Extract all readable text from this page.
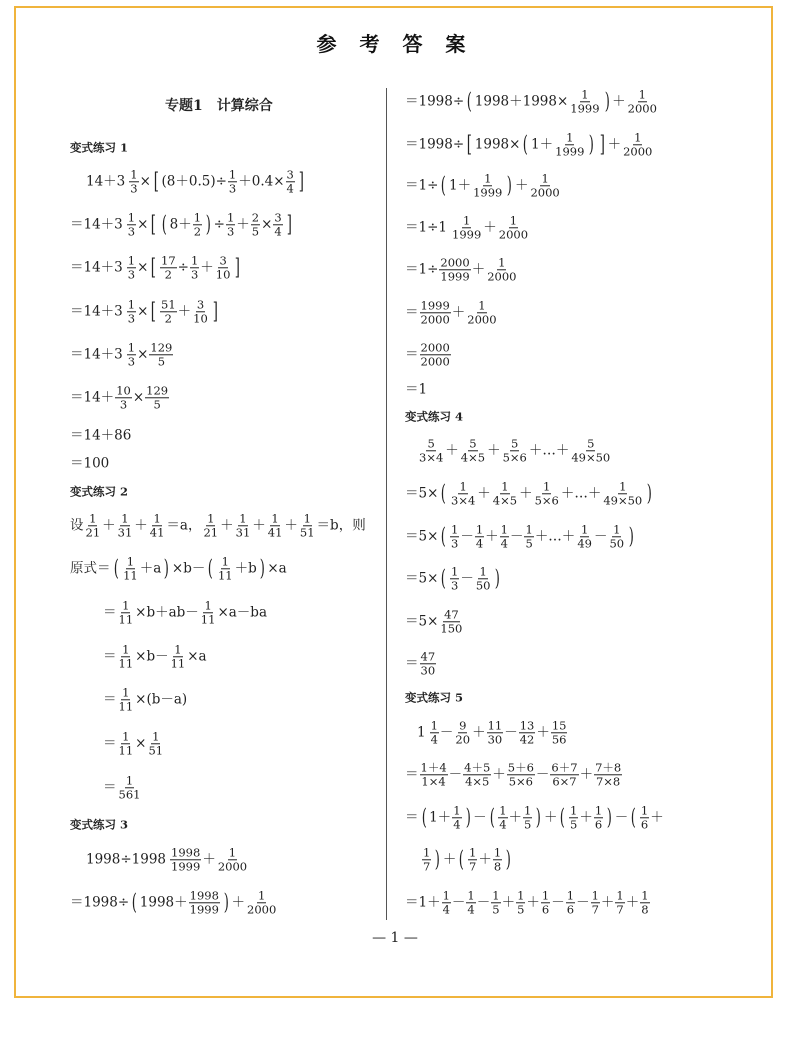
参 考 答 案
专题1　计算综合
变式练习 1
$14+3 \frac{1}{3}$ × [ $(8+0.5)\div \frac{1}{3} +0.4\times \frac{3}{4}$ ]
$=14+3 \frac{1}{3}$ × [ ( $8+ \frac{1}{2}$ ) ÷ $\frac{1}{3} + \frac{2}{5} \times \frac{3}{4}$ ]
$=14+3 \frac{1}{3}$ × [ $\frac{17}{2} \div \frac{1}{3} + \frac{3}{10}$ ]
$=14+3 \frac{1}{3}$ × [ $\frac{51}{2} + \frac{3}{10}$ ]
$=14+3 \frac{1}{3} \times \frac{129}{5}$
$=14+ \frac{10}{3} \times \frac{129}{5}$
＝14＋86
＝100
变式练习 2
设 $\frac{1}{21} + \frac{1}{31} + \frac{1}{41} =a$， $\frac{1}{21} + \frac{1}{31} + \frac{1}{41} + \frac{1}{51} =b$，则
原式＝ ( $\frac{1}{11} +a$ ) ×b－ ( $\frac{1}{11} +b$ ) ×a
＝ $\frac{1}{11} \times b+ab- \frac{1}{11} \times a-ba$
＝ $\frac{1}{11} \times b- \frac{1}{11} \times a$
＝ $\frac{1}{11} \times(b-a)$
＝ $\frac{1}{11} \times \frac{1}{51}$
＝ $\frac{1}{561}$
变式练习 3
$1998\div 1998 \frac{1998}{1999} + \frac{1}{2000}$
＝1998÷ ( $1998+ \frac{1998}{1999}$ ) ＋ $\frac{1}{2000}$
＝1998÷ ( $1998+1998\times \frac{1}{1999}$ ) ＋ $\frac{1}{2000}$
＝1998÷ [ 1998× ( $1+ \frac{1}{1999}$ ) ] ＋ $\frac{1}{2000}$
＝1÷ ( $1+ \frac{1}{1999}$ ) ＋ $\frac{1}{2000}$
$=1\div 1 \frac{1}{1999} + \frac{1}{2000}$
$=1\div \frac{2000}{1999} + \frac{1}{2000}$
＝ $\frac{1999}{2000} + \frac{1}{2000}$
＝ $\frac{2000}{2000}$
＝1
变式练习 4
$\frac{5}{3\times 4} + \frac{5}{4\times 5} + \frac{5}{5\times 6}$ ＋…＋ $\frac{5}{49\times 50}$
＝5× ( $\frac{1}{3\times 4} + \frac{1}{4\times 5} + \frac{1}{5\times 6}$ ＋…＋ $\frac{1}{49\times 50}$ )
＝5× ( $\frac{1}{3} - \frac{1}{4} + \frac{1}{4} - \frac{1}{5}$ ＋…＋ $\frac{1}{49} - \frac{1}{50}$ )
＝5× ( $\frac{1}{3} - \frac{1}{50}$ )
$=5\times \frac{47}{150}$
＝ $\frac{47}{30}$
变式练习 5
$1 \frac{1}{4} - \frac{9}{20} + \frac{11}{30} - \frac{13}{42} + \frac{15}{56}$
＝ $\frac{1+4}{1\times 4} - \frac{4+5}{4\times 5} + \frac{5+6}{5\times 6} - \frac{6+7}{6\times 7} + \frac{7+8}{7\times 8}$
＝ ( $1+ \frac{1}{4}$ ) － ( $\frac{1}{4} + \frac{1}{5}$ ) ＋ ( $\frac{1}{5} + \frac{1}{6}$ ) － ( $\frac{1}{6}$ ＋
$\frac{1}{7}$ ) ＋ ( $\frac{1}{7} + \frac{1}{8}$ )
$=1+ \frac{1}{4} - \frac{1}{4} - \frac{1}{5} + \frac{1}{5} + \frac{1}{6} - \frac{1}{6} - \frac{1}{7} + \frac{1}{7} + \frac{1}{8}$
— 1 —
